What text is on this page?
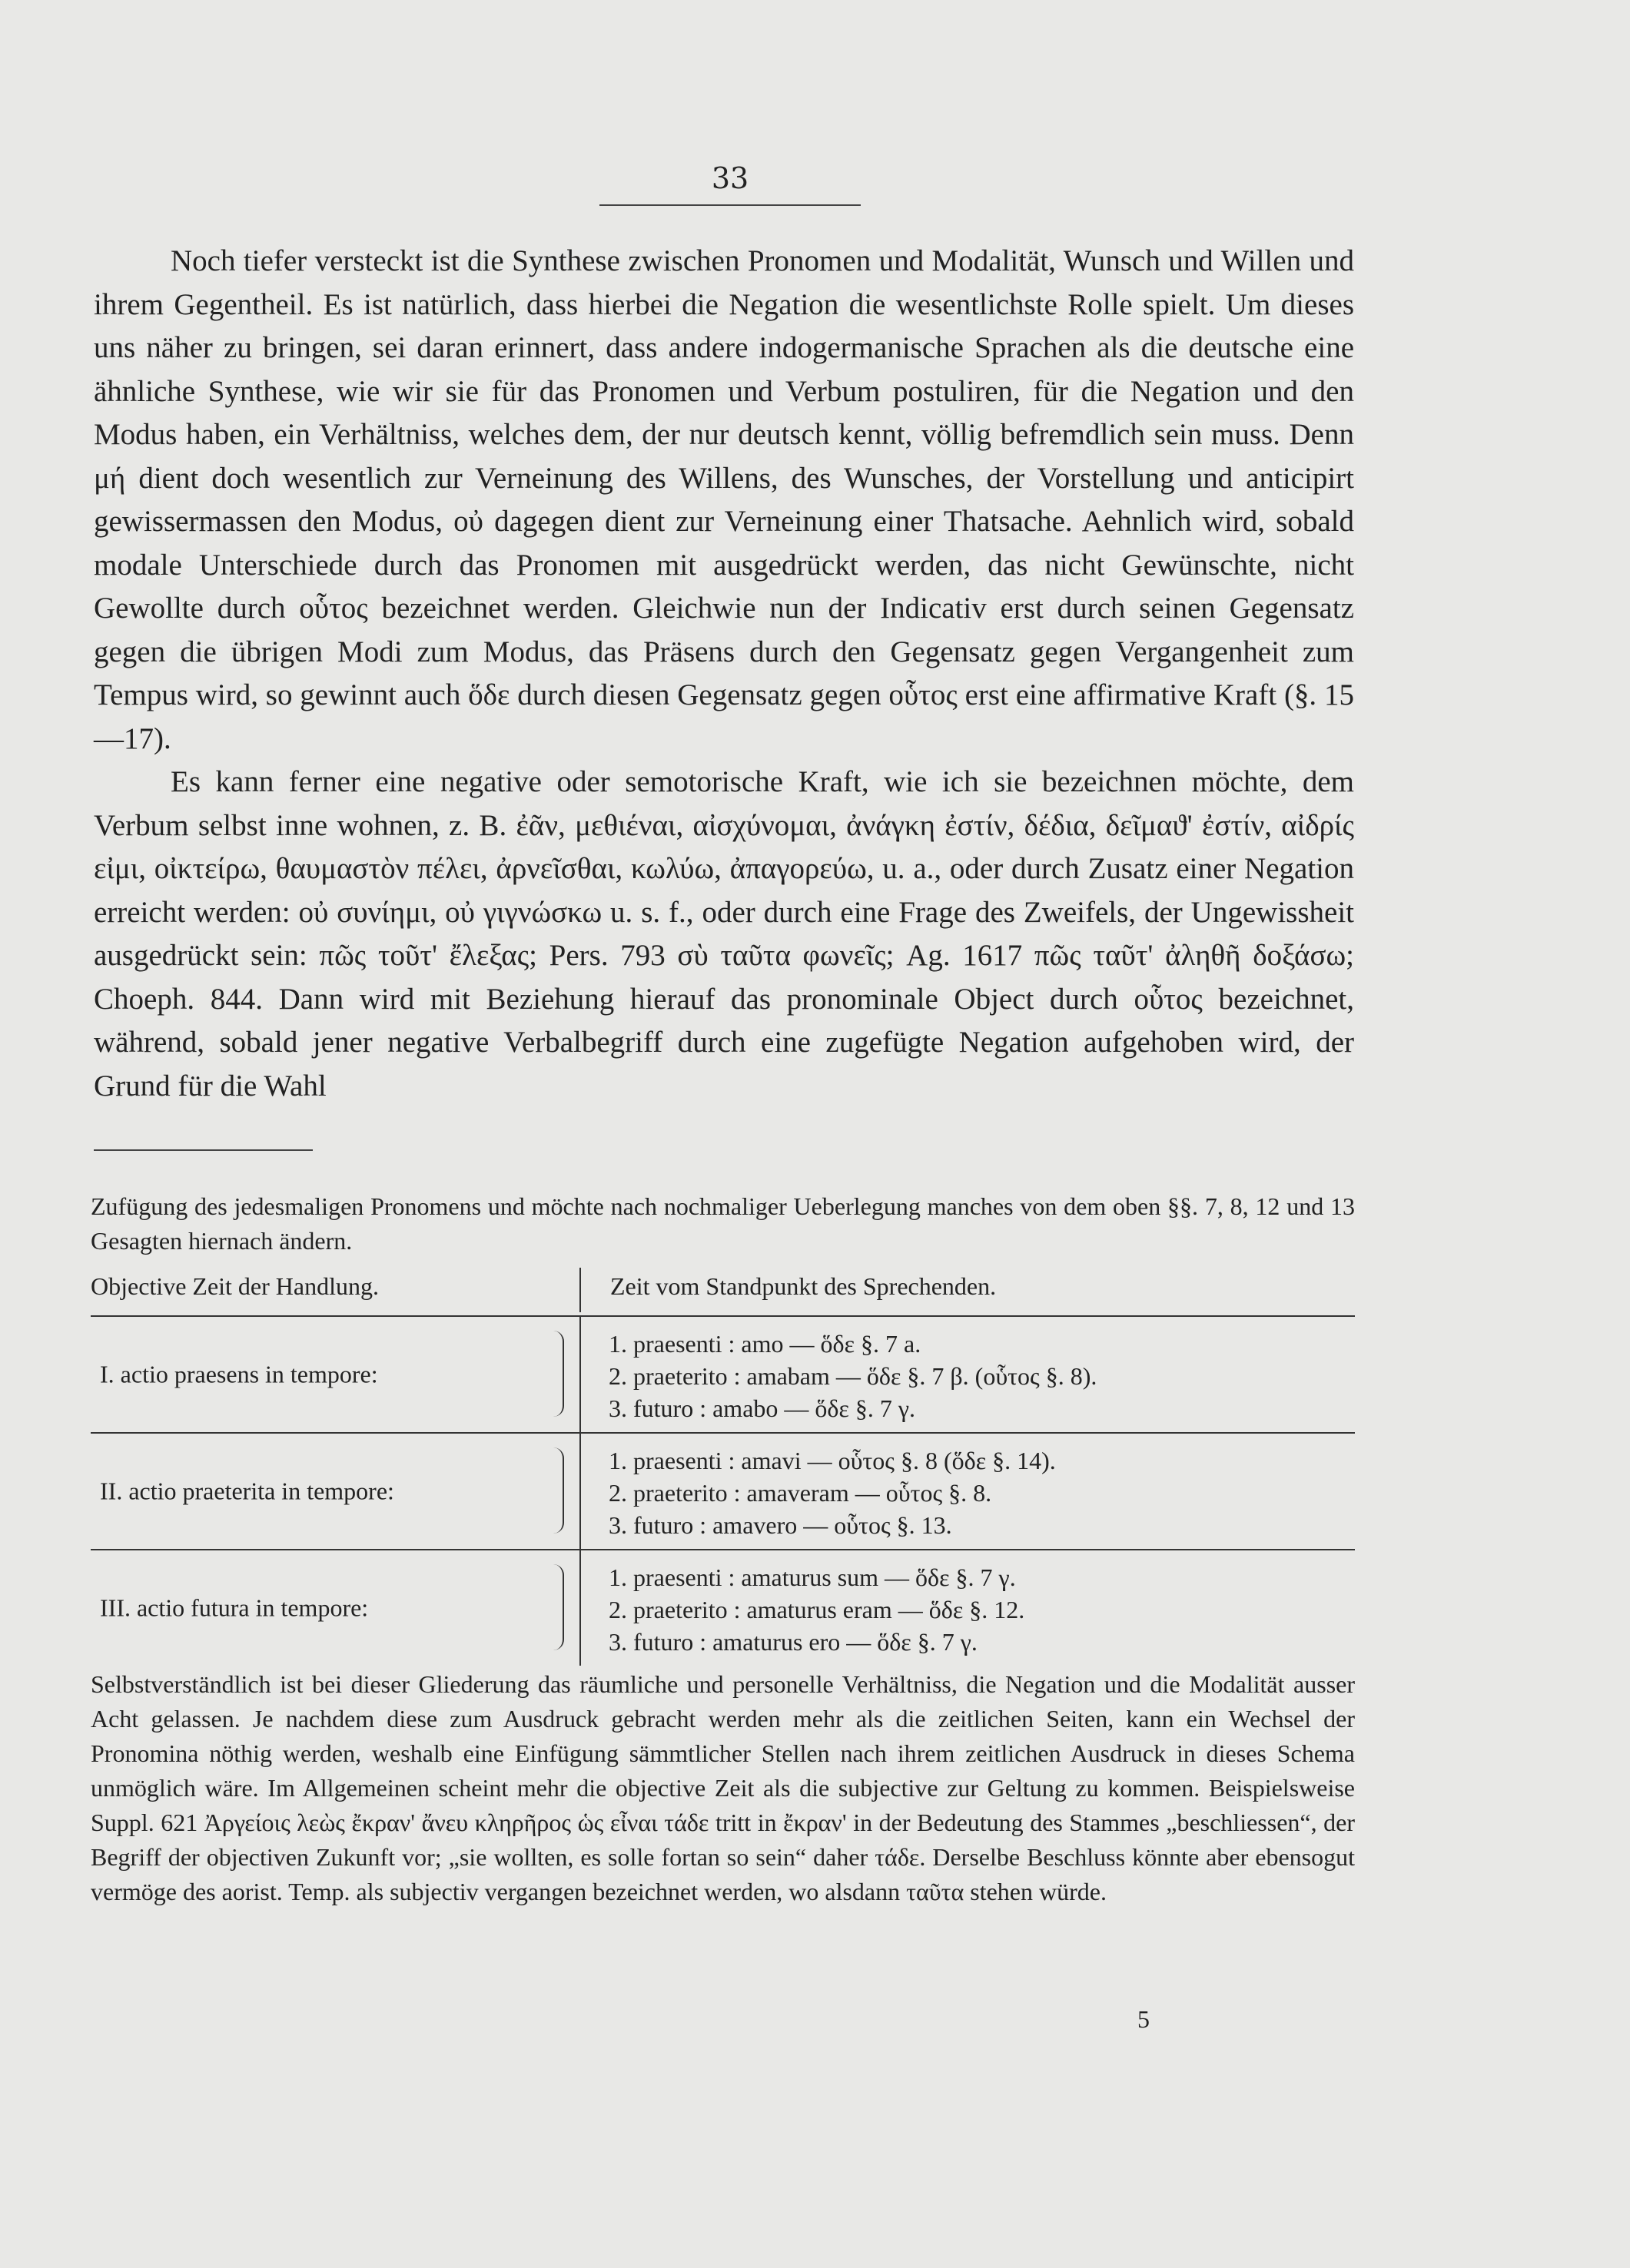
33

Noch tiefer versteckt ist die Synthese zwischen Pronomen und Modalität, Wunsch und Willen und ihrem Gegentheil. Es ist natürlich, dass hierbei die Negation die wesentlichste Rolle spielt. Um dieses uns näher zu bringen, sei daran erinnert, dass andere indogermanische Sprachen als die deutsche eine ähnliche Synthese, wie wir sie für das Pronomen und Verbum postuliren, für die Negation und den Modus haben, ein Verhältniss, welches dem, der nur deutsch kennt, völlig befremdlich sein muss. Denn μή dient doch wesentlich zur Verneinung des Willens, des Wunsches, der Vorstellung und anticipirt gewissermassen den Modus, οὐ dagegen dient zur Verneinung einer Thatsache. Aehnlich wird, sobald modale Unterschiede durch das Pronomen mit ausgedrückt werden, das nicht Gewünschte, nicht Gewollte durch οὗτος bezeichnet werden. Gleichwie nun der Indicativ erst durch seinen Gegensatz gegen die übrigen Modi zum Modus, das Präsens durch den Gegensatz gegen Vergangenheit zum Tempus wird, so gewinnt auch ὅδε durch diesen Gegensatz gegen οὗτος erst eine affirmative Kraft (§. 15—17).

Es kann ferner eine negative oder semotorische Kraft, wie ich sie bezeichnen möchte, dem Verbum selbst inne wohnen, z. B. ἐᾶν, μεθιέναι, αἰσχύνομαι, ἀνάγκη ἐστίν, δέδια, δεῖμαϑ' ἐστίν, αἰδρίς εἰμι, οἰκτείρω, θαυμαστὸν πέλει, ἀρνεῖσθαι, κωλύω, ἀπαγορεύω, u. a., oder durch Zusatz einer Negation erreicht werden: οὐ συνίημι, οὐ γιγνώσκω u. s. f., oder durch eine Frage des Zweifels, der Ungewissheit ausgedrückt sein: πῶς τοῦτ' ἔλεξας; Pers. 793 σὺ ταῦτα φωνεῖς; Ag. 1617 πῶς ταῦτ' ἀληθῆ δοξάσω; Choeph. 844. Dann wird mit Beziehung hierauf das pronominale Object durch οὗτος bezeichnet, während, sobald jener negative Verbalbegriff durch eine zugefügte Negation aufgehoben wird, der Grund für die Wahl

Zufügung des jedesmaligen Pronomens und möchte nach nochmaliger Ueberlegung manches von dem oben §§. 7, 8, 12 und 13 Gesagten hiernach ändern.

Objective Zeit der Handlung.	Zeit vom Standpunkt des Sprechenden.
I. actio praesens in tempore:
1. praesenti : amo — ὅδε §. 7 a.
2. praeterito : amabam — ὅδε §. 7 β. (οὗτος §. 8).
3. futuro : amabo — ὅδε §. 7 γ.
II. actio praeterita in tempore:
1. praesenti : amavi — οὗτος §. 8 (ὅδε §. 14).
2. praeterito : amaveram — οὗτος §. 8.
3. futuro : amavero — οὗτος §. 13.
III. actio futura in tempore:
1. praesenti : amaturus sum — ὅδε §. 7 γ.
2. praeterito : amaturus eram — ὅδε §. 12.
3. futuro : amaturus ero — ὅδε §. 7 γ.

Selbstverständlich ist bei dieser Gliederung das räumliche und personelle Verhältniss, die Negation und die Modalität ausser Acht gelassen. Je nachdem diese zum Ausdruck gebracht werden mehr als die zeitlichen Seiten, kann ein Wechsel der Pronomina nöthig werden, weshalb eine Einfügung sämmtlicher Stellen nach ihrem zeitlichen Ausdruck in dieses Schema unmöglich wäre. Im Allgemeinen scheint mehr die objective Zeit als die subjective zur Geltung zu kommen. Beispielsweise Suppl. 621 Ἀργείοις λεὼς ἔκραν' ἄνευ κληρῆρος ὡς εἶναι τάδε tritt in ἔκραν' in der Bedeutung des Stammes „beschliessen“, der Begriff der objectiven Zukunft vor; „sie wollten, es solle fortan so sein“ daher τάδε. Derselbe Beschluss könnte aber ebensogut vermöge des aorist. Temp. als subjectiv vergangen bezeichnet werden, wo alsdann ταῦτα stehen würde.

5
